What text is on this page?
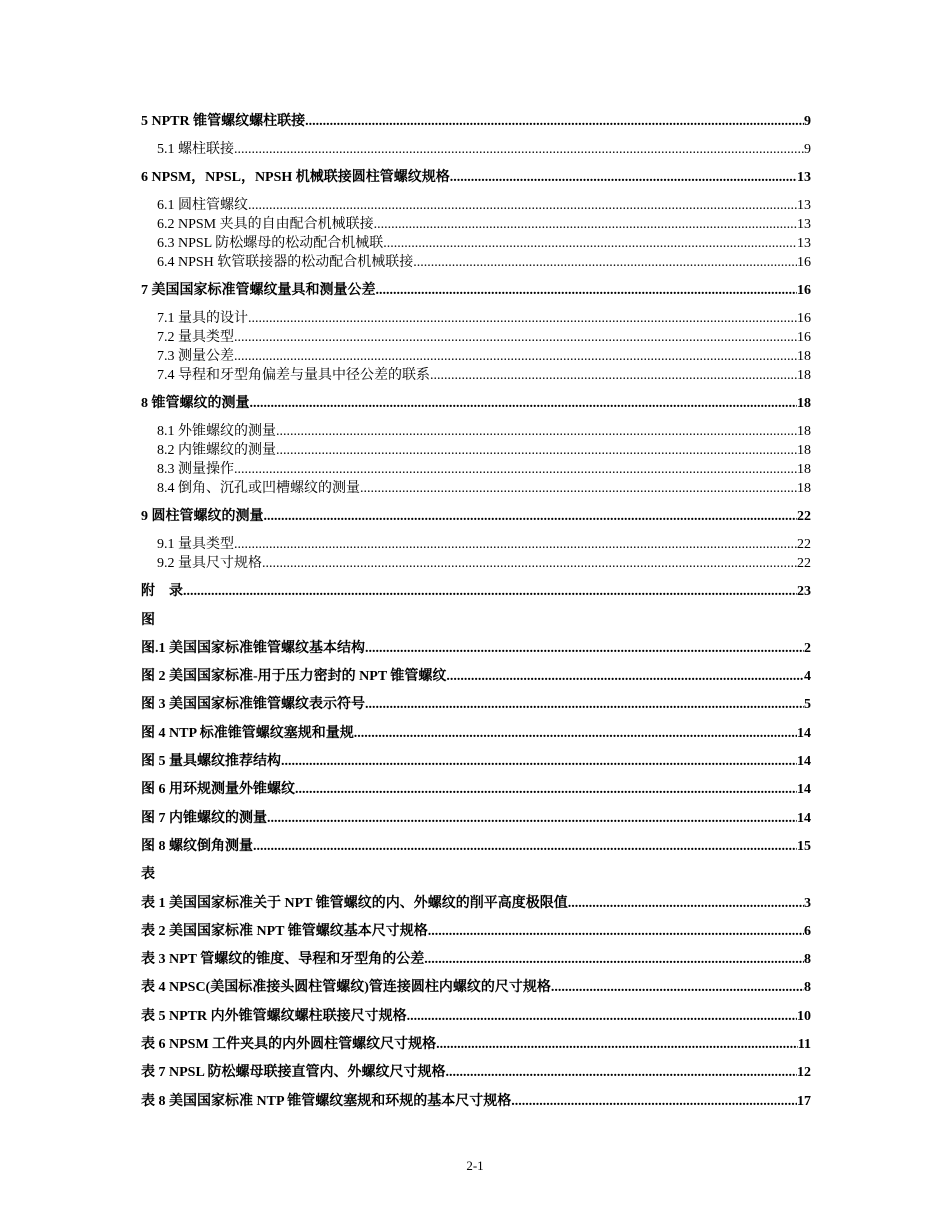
5 NPTR 锥管螺纹螺柱联接 .....	9
5.1 螺柱联接 .....	9
6 NPSM，NPSL，NPSH 机械联接圆柱管螺纹规格 .....	13
6.1 圆柱管螺纹 .....	13
6.2 NPSM 夹具的自由配合机械联接 .....	13
6.3 NPSL 防松螺母的松动配合机械联 .....	13
6.4 NPSH 软管联接器的松动配合机械联接 .....	16
7 美国国家标准管螺纹量具和测量公差 .....	16
7.1 量具的设计 .....	16
7.2 量具类型 .....	16
7.3 测量公差 .....	18
7.4 导程和牙型角偏差与量具中径公差的联系 .....	18
8 锥管螺纹的测量 .....	18
8.1 外锥螺纹的测量 .....	18
8.2 内锥螺纹的测量 .....	18
8.3 测量操作 .....	18
8.4 倒角、沉孔或凹槽螺纹的测量 .....	18
9 圆柱管螺纹的测量 .....	22
9.1 量具类型 .....	22
9.2 量具尺寸规格 .....	22
附　录 .....	23
图
图.1 美国国家标准锥管螺纹基本结构 .....	2
图 2 美国国家标准-用于压力密封的 NPT 锥管螺纹 .....	4
图 3 美国国家标准锥管螺纹表示符号 .....	5
图 4 NTP 标准锥管螺纹塞规和量规 .....	14
图 5 量具螺纹推荐结构 .....	14
图 6 用环规测量外锥螺纹 .....	14
图 7 内锥螺纹的测量 .....	14
图 8 螺纹倒角测量 .....	15
表
表 1 美国国家标准关于 NPT 锥管螺纹的内、外螺纹的削平高度极限值 .....	3
表 2 美国国家标准 NPT 锥管螺纹基本尺寸规格 .....	6
表 3 NPT 管螺纹的锥度、导程和牙型角的公差 .....	8
表 4 NPSC(美国标准接头圆柱管螺纹)管连接圆柱内螺纹的尺寸规格 .....	8
表 5 NPTR 内外锥管螺纹螺柱联接尺寸规格 .....	10
表 6 NPSM 工件夹具的内外圆柱管螺纹尺寸规格 .....	11
表 7 NPSL 防松螺母联接直管内、外螺纹尺寸规格 .....	12
表 8 美国国家标准 NTP 锥管螺纹塞规和环规的基本尺寸规格 .....	17
2-1
